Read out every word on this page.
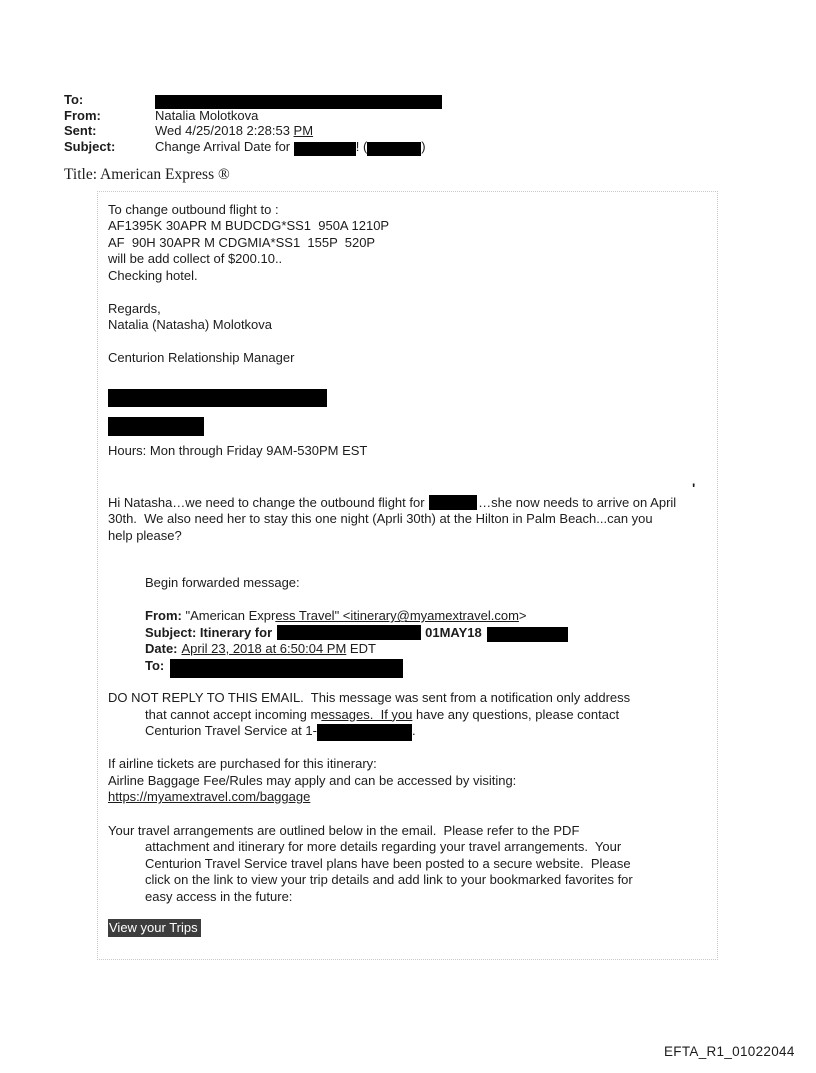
To:
From:	Natalia Molotkova
Sent:	Wed 4/25/2018 2:28:53 PM
Subject:	Change Arrival Date for	! (	)
Title: American Express ®
To change outbound flight to :
AF1395K 30APR M BUDCDG*SS1  950A 1210P
AF  90H 30APR M CDGMIA*SS1  155P  520P
will be add collect of $200.10..
Checking hotel.

Regards,
Natalia (Natasha) Molotkova

Centurion Relationship Manager
Hours: Mon through Friday 9AM-530PM EST
'
Hi Natasha…we need to change the outbound flight for	…she now needs to arrive on April
30th.  We also need her to stay this one night (Aprli 30th) at the Hilton in Palm Beach...can you
help please?
Begin forwarded message:
From: "American Express Travel" <itinerary@myamextravel.com>
Subject: Itinerary for	01MAY18
Date: April 23, 2018 at 6:50:04 PM EDT
To:
DO NOT REPLY TO THIS EMAIL.  This message was sent from a notification only address
that cannot accept incoming messages.  If you have any questions, please contact
Centurion Travel Service at 1-	.
If airline tickets are purchased for this itinerary:
Airline Baggage Fee/Rules may apply and can be accessed by visiting:
https://myamextravel.com/baggage
Your travel arrangements are outlined below in the email.  Please refer to the PDF
attachment and itinerary for more details regarding your travel arrangements.  Your
Centurion Travel Service travel plans have been posted to a secure website.  Please
click on the link to view your trip details and add link to your bookmarked favorites for
easy access in the future:
View your Trips
EFTA_R1_01022044
